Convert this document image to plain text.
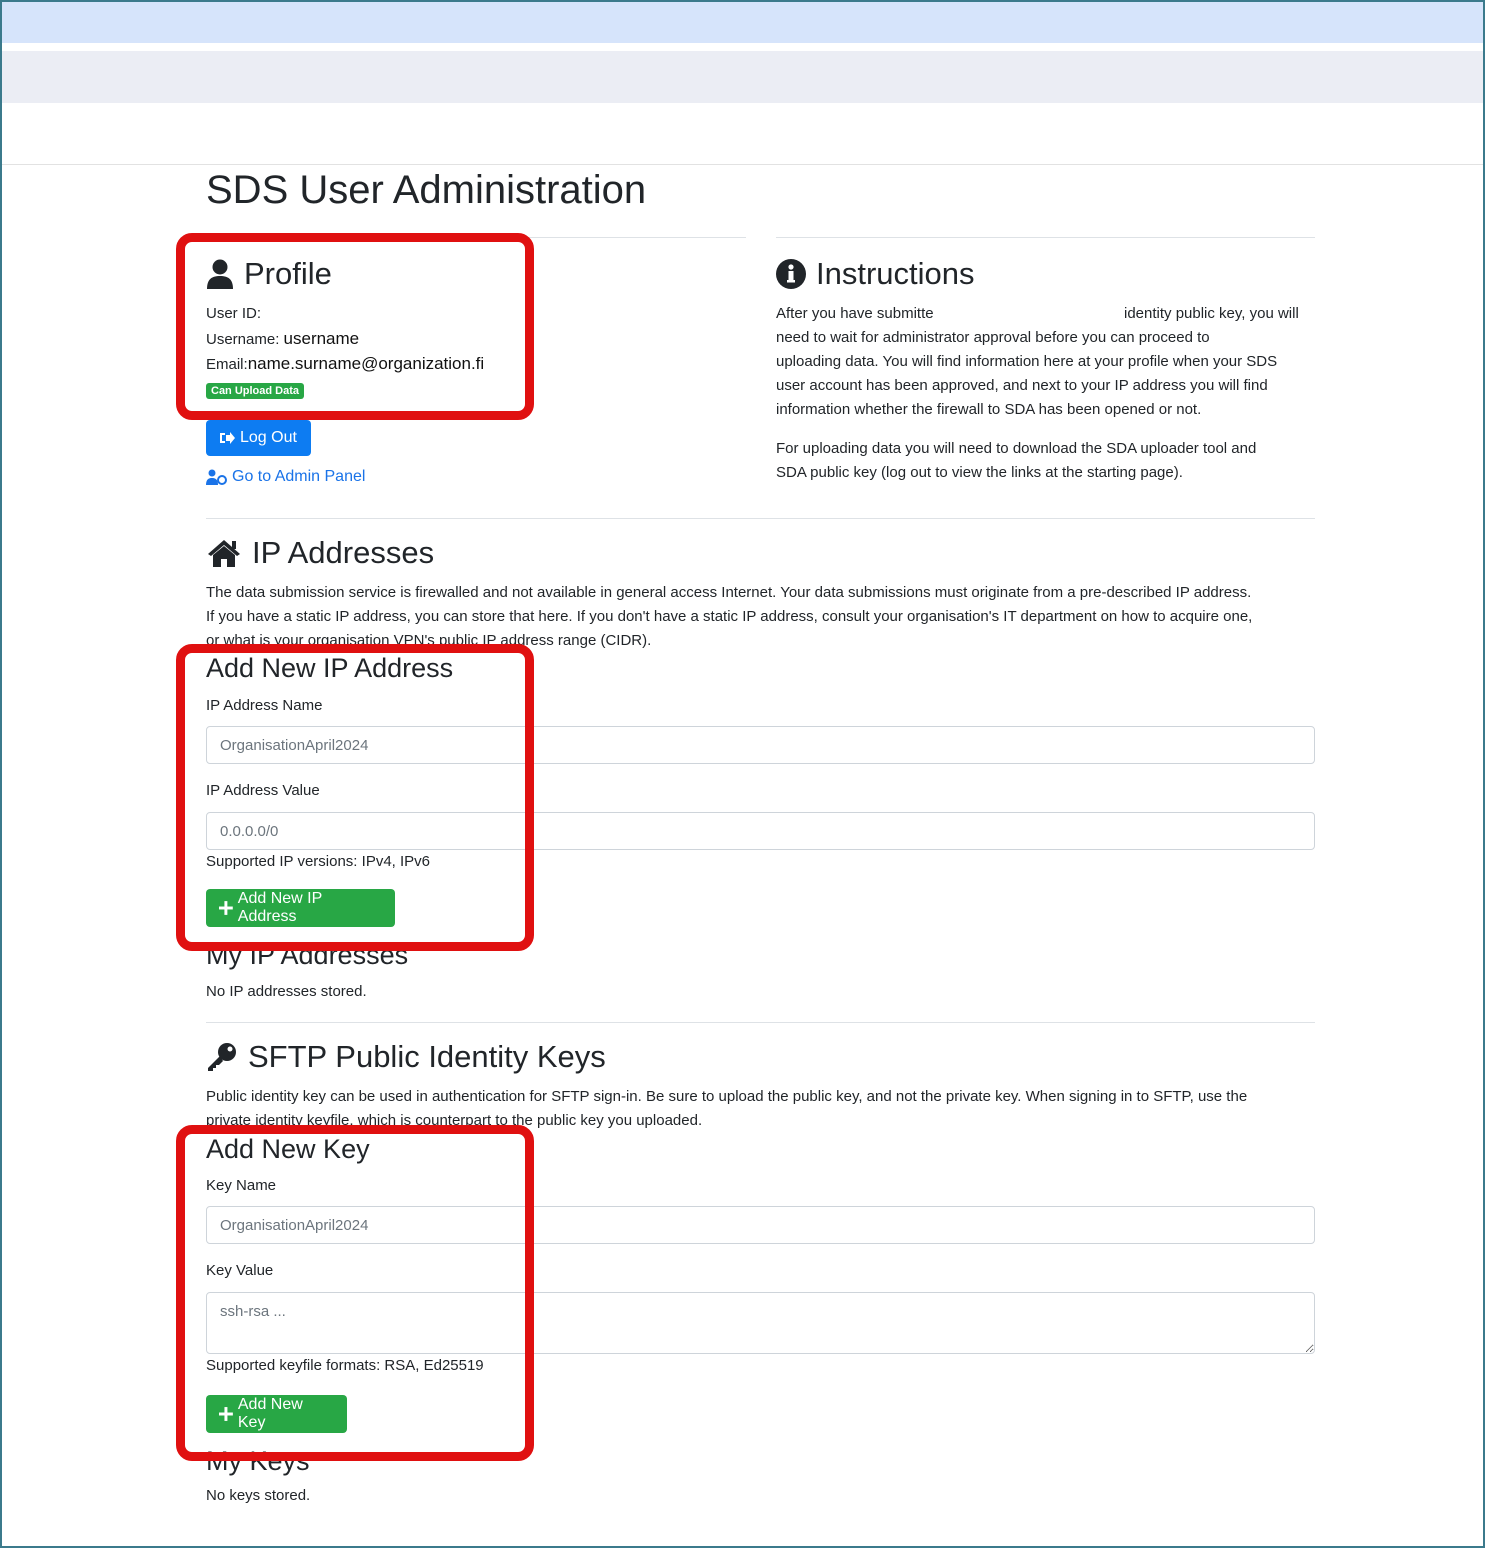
SDS User Administration
Profile
User ID:
Username: username
Email:name.surname@organization.fi
Can Upload Data
Log Out
Go to Admin Panel
Instructions
After you have submitte	identity public key, you will
need to wait for administrator approval before you can proceed to
uploading data. You will find information here at your profile when your SDS
user account has been approved, and next to your IP address you will find
information whether the firewall to SDA has been opened or not.
For uploading data you will need to download the SDA uploader tool and
SDA public key (log out to view the links at the starting page).
IP Addresses
The data submission service is firewalled and not available in general access Internet. Your data submissions must originate from a pre-described IP address.
If you have a static IP address, you can store that here. If you don't have a static IP address, consult your organisation's IT department on how to acquire one,
or what is your organisation VPN's public IP address range (CIDR).
Add New IP Address
IP Address Name
OrganisationApril2024
IP Address Value
0.0.0.0/0
Supported IP versions: IPv4, IPv6
Add New IP Address
My IP Addresses
No IP addresses stored.
SFTP Public Identity Keys
Public identity key can be used in authentication for SFTP sign-in. Be sure to upload the public key, and not the private key. When signing in to SFTP, use the
private identity keyfile, which is counterpart to the public key you uploaded.
Add New Key
Key Name
OrganisationApril2024
Key Value
ssh-rsa ...
Supported keyfile formats: RSA, Ed25519
Add New Key
My Keys
No keys stored.
